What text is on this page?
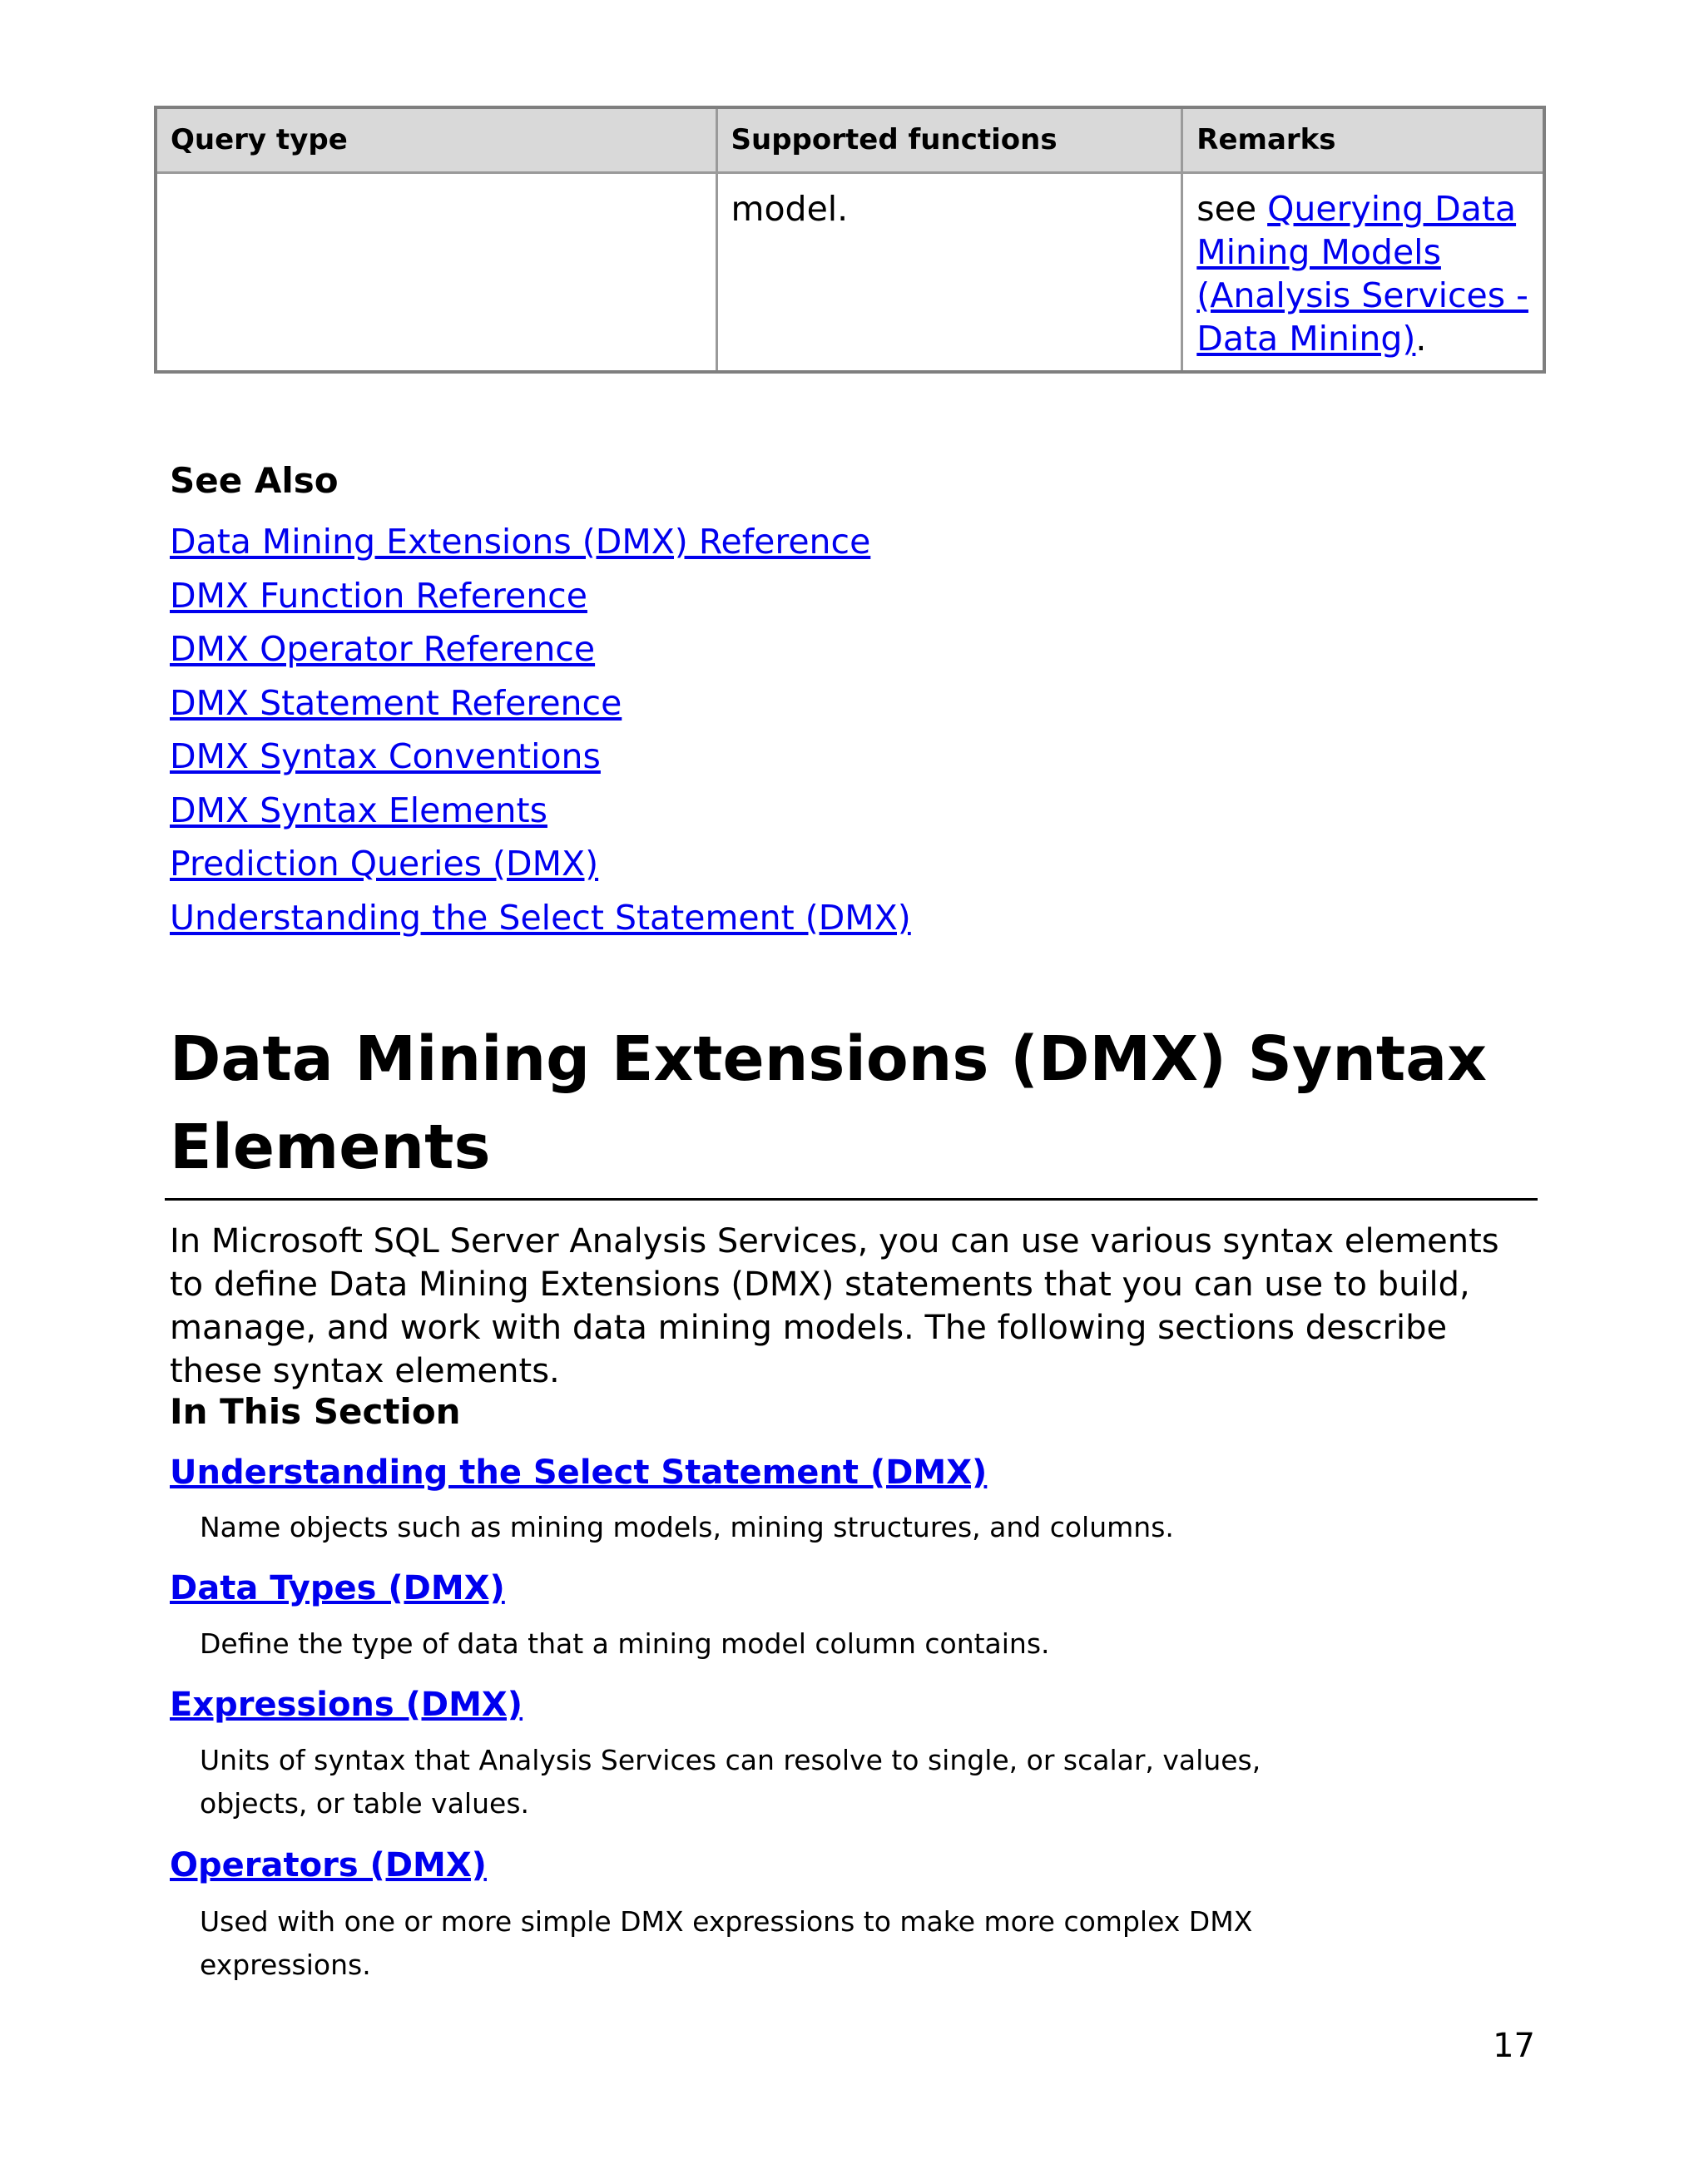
Query type	Supported functions	Remarks
	model.	see Querying Data Mining Models (Analysis Services - Data Mining).
See Also
Data Mining Extensions (DMX) Reference
DMX Function Reference
DMX Operator Reference
DMX Statement Reference
DMX Syntax Conventions
DMX Syntax Elements
Prediction Queries (DMX)
Understanding the Select Statement (DMX)
Data Mining Extensions (DMX) Syntax Elements

In Microsoft SQL Server Analysis Services, you can use various syntax elements to define Data Mining Extensions (DMX) statements that you can use to build, manage, and work with data mining models. The following sections describe these syntax elements.

In This Section
Understanding the Select Statement (DMX)

Name objects such as mining models, mining structures, and columns.

Data Types (DMX)

Define the type of data that a mining model column contains.

Expressions (DMX)

Units of syntax that Analysis Services can resolve to single, or scalar, values, objects, or table values.

Operators (DMX)

Used with one or more simple DMX expressions to make more complex DMX expressions.

17
